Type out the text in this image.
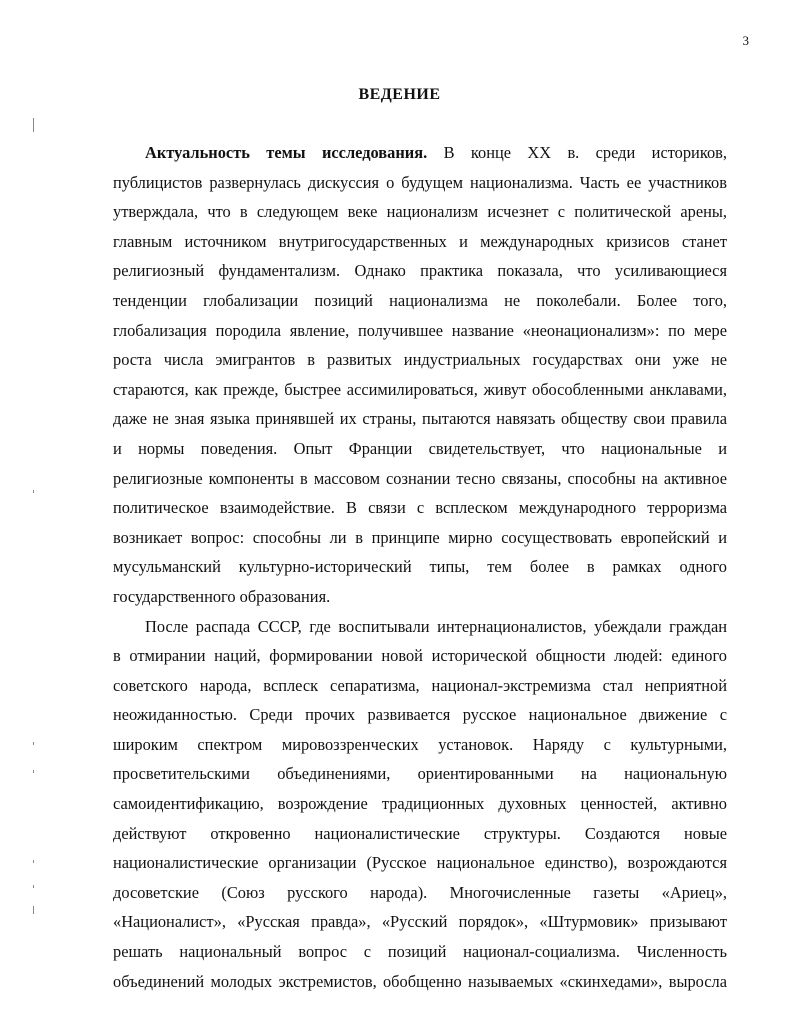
3
ВЕДЕНИЕ
Актуальность темы исследования. В конце XX в. среди историков,
публицистов развернулась дискуссия о будущем национализма. Часть ее участников
утверждала, что в следующем веке национализм исчезнет с политической арены,
главным источником внутригосударственных и международных кризисов станет
религиозный фундаментализм. Однако практика показала, что усиливающиеся
тенденции глобализации позиций национализма не поколебали. Более того,
глобализация породила явление, получившее название «неонационализм»: по мере
роста числа эмигрантов в развитых индустриальных государствах они уже не
стараются, как прежде, быстрее ассимилироваться, живут обособленными анклавами,
даже не зная языка принявшей их страны, пытаются навязать обществу свои правила
и нормы поведения. Опыт Франции свидетельствует, что национальные и
религиозные компоненты в массовом сознании тесно связаны, способны на активное
политическое взаимодействие. В связи с всплеском международного терроризма
возникает вопрос: способны ли в принципе мирно сосуществовать европейский и
мусульманский культурно-исторический типы, тем более в рамках одного
государственного образования.
После распада СССР, где воспитывали интернационалистов, убеждали граждан
в отмирании наций, формировании новой исторической общности людей: единого
советского народа, всплеск сепаратизма, национал-экстремизма стал неприятной
неожиданностью. Среди прочих развивается русское национальное движение с
широким спектром мировоззренческих установок. Наряду с культурными,
просветительскими объединениями, ориентированными на национальную
самоидентификацию, возрождение традиционных духовных ценностей, активно
действуют откровенно националистические структуры. Создаются новые
националистические организации (Русское национальное единство), возрождаются
досоветские (Союз русского народа). Многочисленные газеты «Ариец»,
«Националист», «Русская правда», «Русский порядок», «Штурмовик» призывают
решать национальный вопрос с позиций национал-социализма. Численность
объединений молодых экстремистов, обобщенно называемых «скинхедами», выросла
